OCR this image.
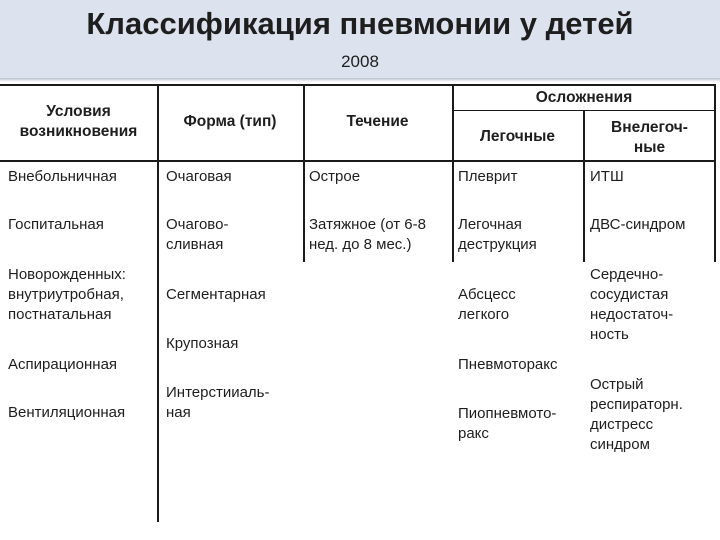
Классификация пневмонии у детей
2008
Условия
возникновения
Форма (тип)	Течение
Осложнения
Легочные
Внелегоч-
ные
Внебольничная
Госпитальная
Новорожденных:
внутриутробная,
постнатальная
Аспирационная
Вентиляционная
Очаговая
Очагово-
сливная
Сегментарная
Крупозная
Интерстииаль-
ная
Острое
Затяжное (от 6-8
нед. до 8 мес.)
Плеврит
Легочная
деструкция
Абсцесс
легкого
Пневмоторакс
Пиопневмото-
ракс
ИТШ
ДВС-синдром
Сердечно-
сосудистая
недостаточ-
ность
Острый
респираторн.
дистресс
синдром
